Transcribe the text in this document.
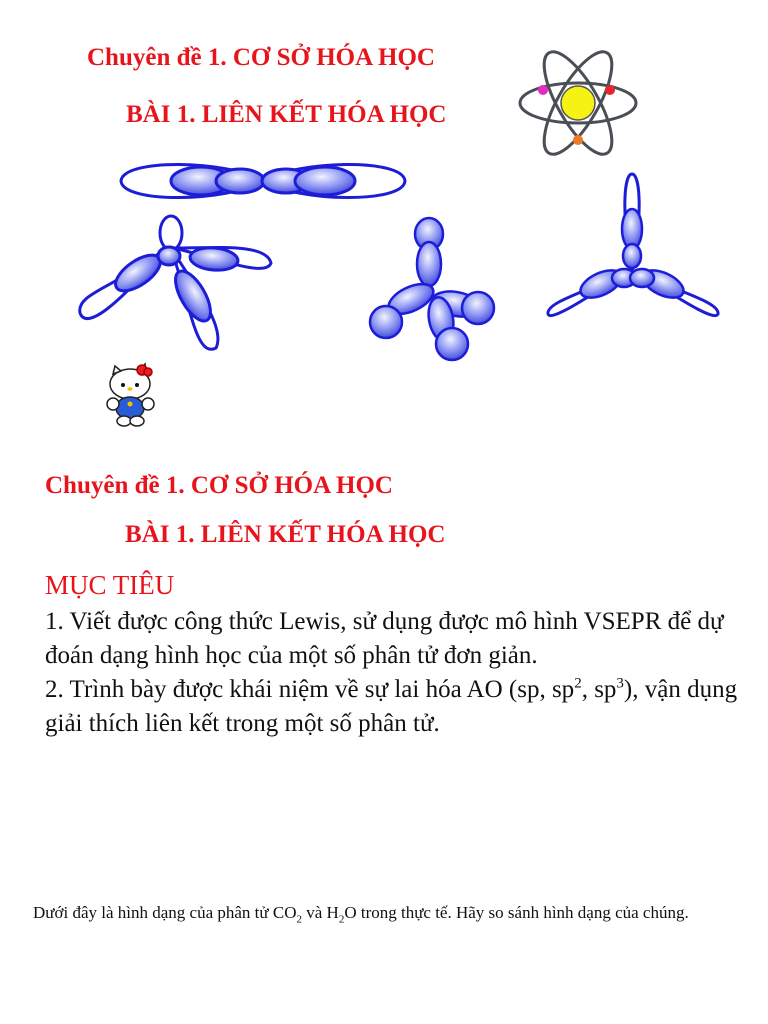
Chuyên đề 1. CƠ SỞ HÓA HỌC
BÀI 1. LIÊN KẾT HÓA HỌC
Chuyên đề 1. CƠ SỞ HÓA HỌC
BÀI 1. LIÊN KẾT HÓA HỌC
MỤC TIÊU

1. Viết được công thức Lewis, sử dụng được mô hình VSEPR để dự đoán dạng hình học của một số phân tử đơn giản.

2. Trình bày được khái niệm về sự lai hóa AO (sp, $sp^2$, $sp^3$), vận dụng giải thích liên kết trong một số phân tử.

Dưới đây là hình dạng của phân tử $CO_2$ và $H_2O$ trong thực tế. Hãy so sánh hình dạng của chúng.
